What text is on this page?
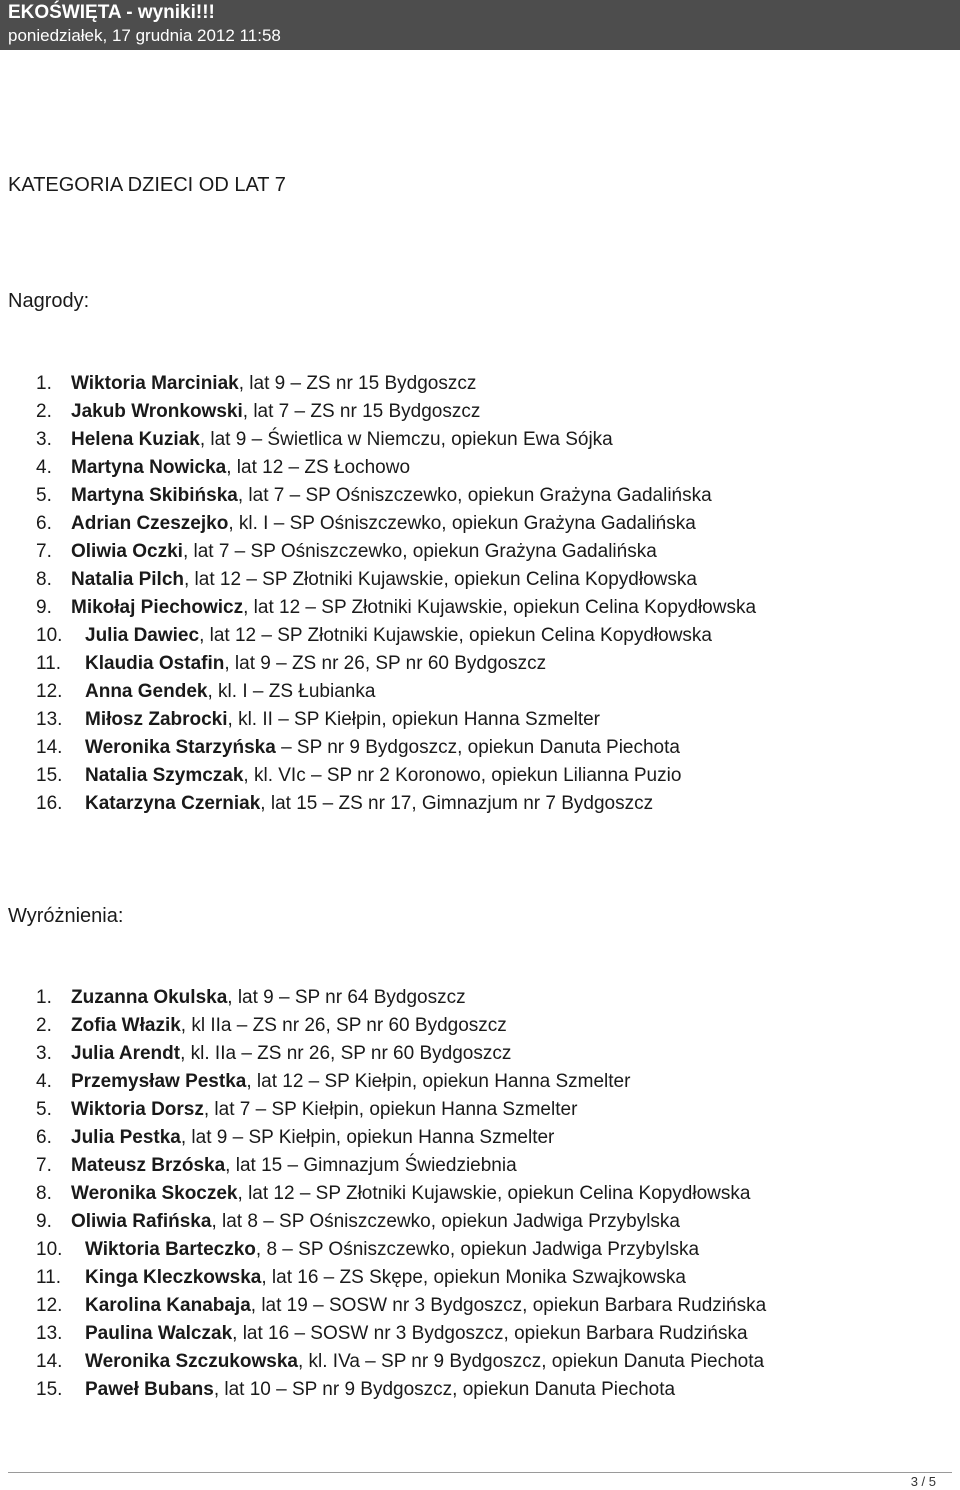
EKOŚWIĘTA - wyniki!!!
poniedziałek, 17 grudnia 2012 11:58
KATEGORIA DZIECI OD LAT 7
Nagrody:
1. Wiktoria Marciniak, lat 9 – ZS nr 15 Bydgoszcz
2. Jakub Wronkowski, lat 7 – ZS nr 15 Bydgoszcz
3. Helena Kuziak, lat 9 – Świetlica w Niemczu, opiekun Ewa Sójka
4. Martyna Nowicka, lat 12 – ZS Łochowo
5. Martyna Skibińska, lat 7 – SP Ośniszczewko, opiekun Grażyna Gadalińska
6. Adrian Czeszejko, kl. I – SP Ośniszczewko, opiekun Grażyna Gadalińska
7. Oliwia Oczki, lat 7 – SP Ośniszczewko, opiekun Grażyna Gadalińska
8. Natalia Pilch, lat 12 – SP Złotniki Kujawskie, opiekun Celina Kopydłowska
9. Mikołaj Piechowicz, lat 12 – SP Złotniki Kujawskie, opiekun Celina Kopydłowska
10. Julia Dawiec, lat 12 – SP Złotniki Kujawskie, opiekun Celina Kopydłowska
11. Klaudia Ostafin, lat 9 – ZS nr 26, SP nr 60 Bydgoszcz
12. Anna Gendek, kl. I – ZS Łubianka
13. Miłosz Zabrocki, kl. II – SP Kiełpin, opiekun Hanna Szmelter
14. Weronika Starzyńska – SP nr 9 Bydgoszcz, opiekun Danuta Piechota
15. Natalia Szymczak, kl. VIc – SP nr 2 Koronowo, opiekun Lilianna Puzio
16. Katarzyna Czerniak, lat 15 – ZS nr 17, Gimnazjum nr 7 Bydgoszcz
Wyróżnienia:
1. Zuzanna Okulska, lat 9 – SP nr 64 Bydgoszcz
2. Zofia Włazik, kl IIa – ZS nr 26, SP nr 60 Bydgoszcz
3. Julia Arendt, kl. IIa – ZS nr 26, SP nr 60 Bydgoszcz
4. Przemysław Pestka, lat 12 – SP Kiełpin, opiekun Hanna Szmelter
5. Wiktoria Dorsz, lat 7 – SP Kiełpin, opiekun Hanna Szmelter
6. Julia Pestka, lat 9 – SP Kiełpin, opiekun Hanna Szmelter
7. Mateusz Brzóska, lat 15 – Gimnazjum Świedziebnia
8. Weronika Skoczek, lat 12 – SP Złotniki Kujawskie, opiekun Celina Kopydłowska
9. Oliwia Rafińska, lat 8 – SP Ośniszczewko, opiekun Jadwiga Przybylska
10. Wiktoria Barteczko, 8 – SP Ośniszczewko, opiekun Jadwiga Przybylska
11. Kinga Kleczkowska, lat 16 – ZS Skępe, opiekun Monika Szwajkowska
12. Karolina Kanabaja, lat 19 – SOSW nr 3 Bydgoszcz, opiekun Barbara Rudzińska
13. Paulina Walczak, lat 16 – SOSW nr 3 Bydgoszcz, opiekun Barbara Rudzińska
14. Weronika Szczukowska, kl. IVa – SP nr 9 Bydgoszcz, opiekun Danuta Piechota
15. Paweł Bubans, lat 10 – SP nr 9 Bydgoszcz, opiekun Danuta Piechota
3 / 5
